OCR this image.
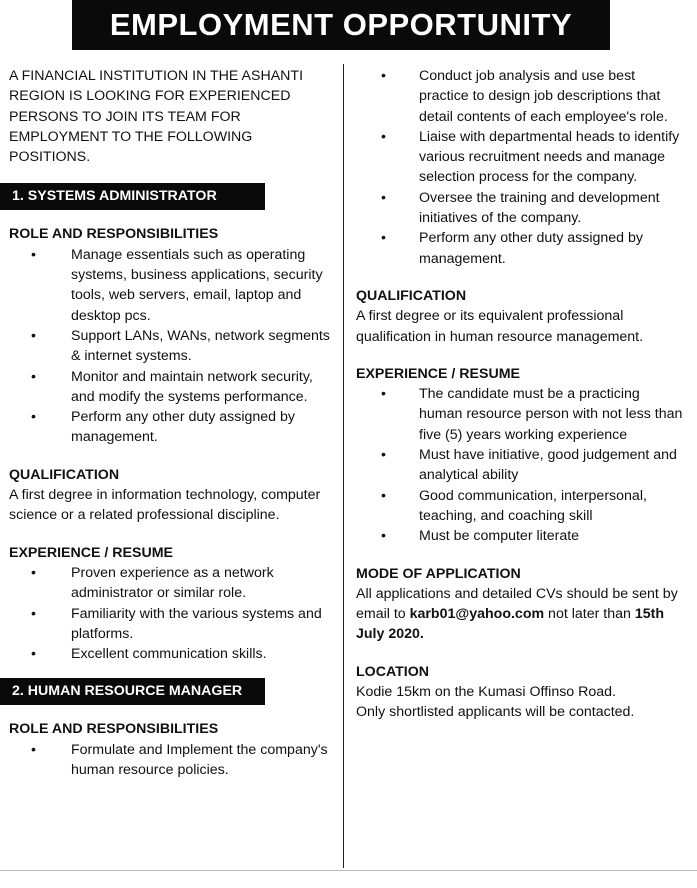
EMPLOYMENT OPPORTUNITY

A FINANCIAL INSTITUTION IN THE ASHANTI REGION IS LOOKING FOR EXPERIENCED PERSONS TO JOIN ITS TEAM FOR EMPLOYMENT TO THE FOLLOWING POSITIONS.

1. SYSTEMS ADMINISTRATOR
ROLE AND RESPONSIBILITIES
• Manage essentials such as operating systems, business applications, security tools, web servers, email, laptop and desktop pcs.
• Support LANs, WANs, network segments & internet systems.
• Monitor and maintain network security, and modify the systems performance.
• Perform any other duty assigned by management.
QUALIFICATION

A first degree in information technology, computer science or a related professional discipline.

EXPERIENCE / RESUME
• Proven experience as a network administrator or similar role.
• Familiarity with the various systems and platforms.
• Excellent communication skills.
2. HUMAN RESOURCE MANAGER
ROLE AND RESPONSIBILITIES
• Formulate and Implement the company's human resource policies.
• Conduct job analysis and use best practice to design job descriptions that detail contents of each employee's role.
• Liaise with departmental heads to identify various recruitment needs and manage selection process for the company.
• Oversee the training and development initiatives of the company.
• Perform any other duty assigned by management.
QUALIFICATION

A first degree or its equivalent professional qualification in human resource management.

EXPERIENCE / RESUME
• The candidate must be a practicing human resource person with not less than five (5) years working experience
• Must have initiative, good judgement and analytical ability
• Good communication, interpersonal, teaching, and coaching skill
• Must be computer literate
MODE OF APPLICATION

All applications and detailed CVs should be sent by email to karb01@yahoo.com not later than 15th July 2020.

LOCATION

Kodie 15km on the Kumasi Offinso Road.

Only shortlisted applicants will be contacted.
